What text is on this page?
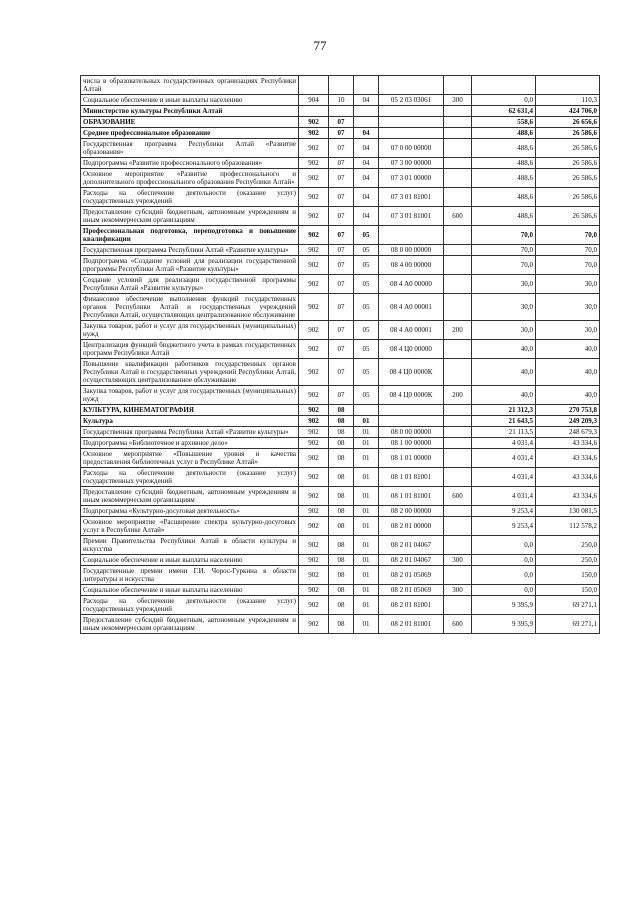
77
числа в образовательных государственных организациях Республики Алтай							
Социальное обеспечение и иные выплаты населению	904	10	04	05 2 03 03061	300	0,0	110,3
Министерство культуры Республики Алтай						62 631,4	424 706,0
ОБРАЗОВАНИЕ	902	07				558,6	26 656,6
Среднее профессиональное образование	902	07	04			488,6	26 586,6
Государственная программа Республики Алтай «Развитие образования»	902	07	04	07 0 00 00000		488,6	26 586,6
Подпрограмма «Развитие профессионального образования»	902	07	04	07 3 00 00000		488,6	26 586,6
Основное мероприятие «Развитие профессионального и дополнительного профессионального образования Республики Алтай»	902	07	04	07 3 01 00000		488,6	26 586,6
Расходы на обеспечение деятельности (оказание услуг) государственных учреждений	902	07	04	07 3 01 81001		488,6	26 586,6
Предоставление субсидий бюджетным, автономным учреждениям и иным некоммерческим организациям	902	07	04	07 3 01 81001	600	488,6	26 586,6
Профессиональная подготовка, переподготовка и повышение квалификации	902	07	05			70,0	70,0
Государственная программа Республики Алтай «Развитие культуры»	902	07	05	08 0 00 00000		70,0	70,0
Подпрограмма «Создание условий для реализации государственной программы Республики Алтай «Развитие культуры»	902	07	05	08 4 00 00000		70,0	70,0
Создание условий для реализации государственной программы Республики Алтай «Развитие культуры»	902	07	05	08 4 А0 00000		30,0	30,0
Финансовое обеспечение выполнения функций государственных органов Республики Алтай и государственных учреждений Республики Алтай, осуществляющих централизованное обслуживание	902	07	05	08 4 А0 00001		30,0	30,0
Закупка товаров, работ и услуг для государственных (муниципальных) нужд	902	07	05	08 4 А0 00001	200	30,0	30,0
Централизация функций бюджетного учета в рамках государственных программ Республики Алтай	902	07	05	08 4 Ц0 00000		40,0	40,0
Повышение квалификации работников государственных органов Республики Алтай и государственных учреждений Республики Алтай, осуществляющих централизованное обслуживание	902	07	05	08 4 Ц0 0000К		40,0	40,0
Закупка товаров, работ и услуг для государственных (муниципальных) нужд	902	07	05	08 4 Ц0 0000К	200	40,0	40,0
КУЛЬТУРА, КИНЕМАТОГРАФИЯ	902	08				21 312,3	270 753,8
Культура	902	08	01			21 643,5	249 209,3
Государственная программа Республики Алтай «Развитие культуры»	902	08	01	08 0 00 00000		21 113,5	248 679,3
Подпрограмма «Библиотечное и архивное дело»	902	08	01	08 1 00 00000		4 031,4	43 334,6
Основное мероприятие «Повышение уровня и качества предоставления библиотечных услуг в Республике Алтай»	902	08	01	08 1 01 00000		4 031,4	43 334,6
Расходы на обеспечение деятельности (оказание услуг) государственных учреждений	902	08	01	08 1 01 81001		4 031,4	43 334,6
Предоставление субсидий бюджетным, автономным учреждениям и иным некоммерческим организациям	902	08	01	08 1 01 81001	600	4 031,4	43 334,6
Подпрограмма «Культурно-досуговая деятельность»	902	08	01	08 2 00 00000		9 253,4	130 081,5
Основное мероприятие «Расширение спектра культурно-досуговых услуг в Республике Алтай»	902	08	01	08 2 01 00000		9 253,4	112 578,2
Премии Правительства Республики Алтай в области культуры и искусства	902	08	01	08 2 01 04067		0,0	250,0
Социальное обеспечение и иные выплаты населению	902	08	01	08 2 01 04067	300	0,0	250,0
Государственные премии имени Г.И. Чорос-Гуркина в области литературы и искусства	902	08	01	08 2 01 05069		0,0	150,0
Социальное обеспечение и иные выплаты населению	902	08	01	08 2 01 05069	300	0,0	150,0
Расходы на обеспечение деятельности (оказание услуг) государственных учреждений	902	08	01	08 2 01 81001		9 395,9	69 271,1
Предоставление субсидий бюджетным, автономным учреждениям и иным некоммерческим организациям	902	08	01	08 2 01 81001	600	9 395,9	69 271,1
